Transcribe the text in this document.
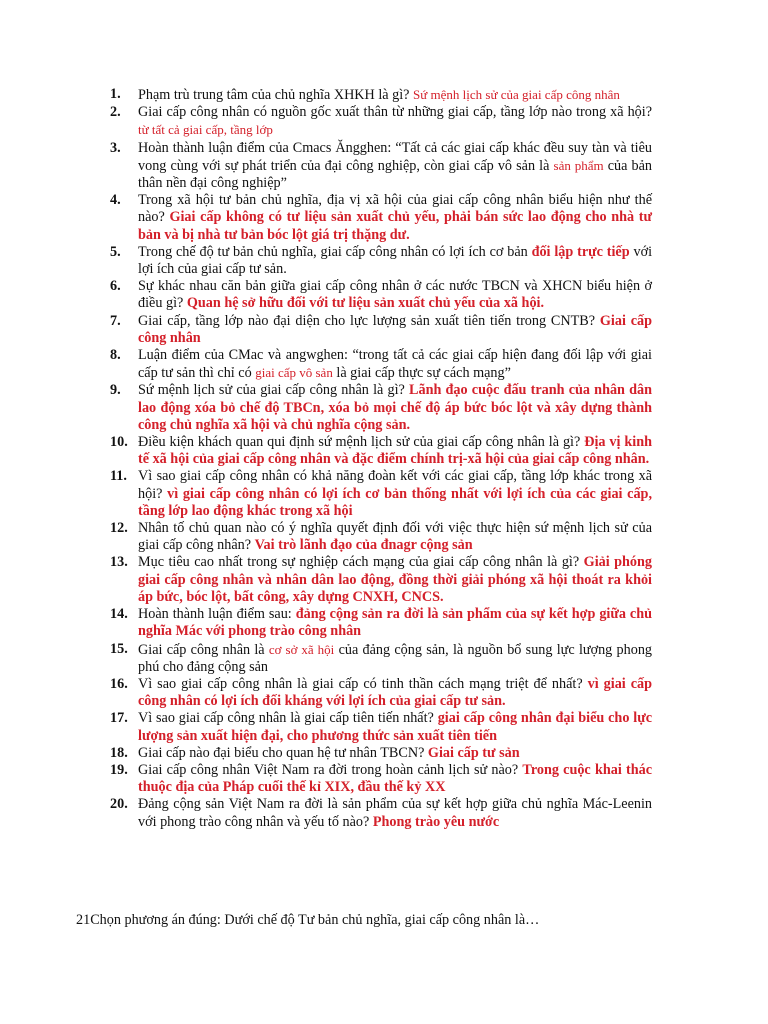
1.	Phạm trù trung tâm của chủ nghĩa XHKH là gì? Sứ mệnh lịch sử của giai cấp công nhân
2.	Giai cấp công nhân có nguồn gốc xuất thân từ những giai cấp, tầng lớp nào trong xã hội? từ tất cả giai cấp, tầng lớp
3.	Hoàn thành luận điểm của Cmacs Ăngghen: “Tất cả các giai cấp khác đều suy tàn và tiêu vong cùng với sự phát triển của đại công nghiệp, còn giai cấp vô sản là sản phẩm của bản thân nền đại công nghiệp”
4.	Trong xã hội tư bản chủ nghĩa, địa vị xã hội của giai cấp công nhân biểu hiện như thế nào? Giai cấp không có tư liệu sản xuất chủ yếu, phải bán sức lao động cho nhà tư bản và bị nhà tư bản bóc lột giá trị thặng dư.
5.	Trong chế độ tư bản chủ nghĩa, giai cấp công nhân có lợi ích cơ bản đối lập trực tiếp với lợi ích của giai cấp tư sản.
6.	Sự khác nhau căn bản giữa giai cấp công nhân ở các nước TBCN và XHCN biểu hiện ở điều gì? Quan hệ sở hữu đối với tư liệu sản xuất chủ yếu của xã hội.
7.	Giai cấp, tầng lớp nào đại diện cho lực lượng sản xuất tiên tiến trong CNTB? Giai cấp công nhân
8.	Luận điểm của CMac và angwghen: “trong tất cả các giai cấp hiện đang đối lập với giai cấp tư sản thì chỉ có giai cấp vô sản là giai cấp thực sự cách mạng”
9.	Sứ mệnh lịch sử của giai cấp công nhân là gì? Lãnh đạo cuộc đấu tranh của nhân dân lao động xóa bỏ chế độ TBCn, xóa bỏ mọi chế độ áp bức bóc lột và xây dựng thành công chủ nghĩa xã hội và chủ nghĩa cộng sản.
10. Điều kiện khách quan qui định sứ mệnh lịch sử của giai cấp công nhân là gì? Địa vị kinh tế xã hội của giai cấp công nhân và đặc điểm chính trị-xã hội của giai cấp công nhân.
11. Vì sao giai cấp công nhân có khả năng đoàn kết với các giai cấp, tầng lớp khác trong xã hội? vì giai cấp công nhân có lợi ích cơ bản thống nhất với lợi ích của các giai cấp, tầng lớp lao động khác trong xã hội
12. Nhân tố chủ quan nào có ý nghĩa quyết định đối với việc thực hiện sứ mệnh lịch sử của giai cấp công nhân? Vai trò lãnh đạo của đnagr cộng sản
13. Mục tiêu cao nhất trong sự nghiệp cách mạng của giai cấp công nhân là gì? Giải phóng giai cấp công nhân và nhân dân lao động, đồng thời giải phóng xã hội thoát ra khỏi áp bức, bóc lột, bất công, xây dựng CNXH, CNCS.
14. Hoàn thành luận điểm sau: đảng cộng sản ra đời là sản phẩm của sự kết hợp giữa chủ nghĩa Mác với phong trào công nhân
15. Giai cấp công nhân là cơ sở xã hội của đảng cộng sản, là nguồn bổ sung lực lượng phong phú cho đảng cộng sản
16. Vì sao giai cấp công nhân là giai cấp có tinh thần cách mạng triệt để nhất? vì giai cấp công nhân có lợi ích đối kháng với lợi ích của giai cấp tư sản.
17. Vì sao giai cấp công nhân là giai cấp tiên tiến nhất? giai cấp công nhân đại biểu cho lực lượng sản xuất hiện đại, cho phương thức sản xuất tiên tiến
18. Giai cấp nào đại biểu cho quan hệ tư nhân TBCN? Giai cấp tư sản
19. Giai cấp công nhân Việt Nam ra đời trong hoàn cảnh lịch sử nào? Trong cuộc khai thác thuộc địa của Pháp cuối thế kỉ XIX, đầu thế kỷ XX
20. Đảng cộng sản Việt Nam ra đời là sản phẩm của sự kết hợp giữa chủ nghĩa Mác-Leenin với phong trào công nhân và yếu tố nào? Phong trào yêu nước
21Chọn phương án đúng: Dưới chế độ Tư bản chủ nghĩa, giai cấp công nhân là…
